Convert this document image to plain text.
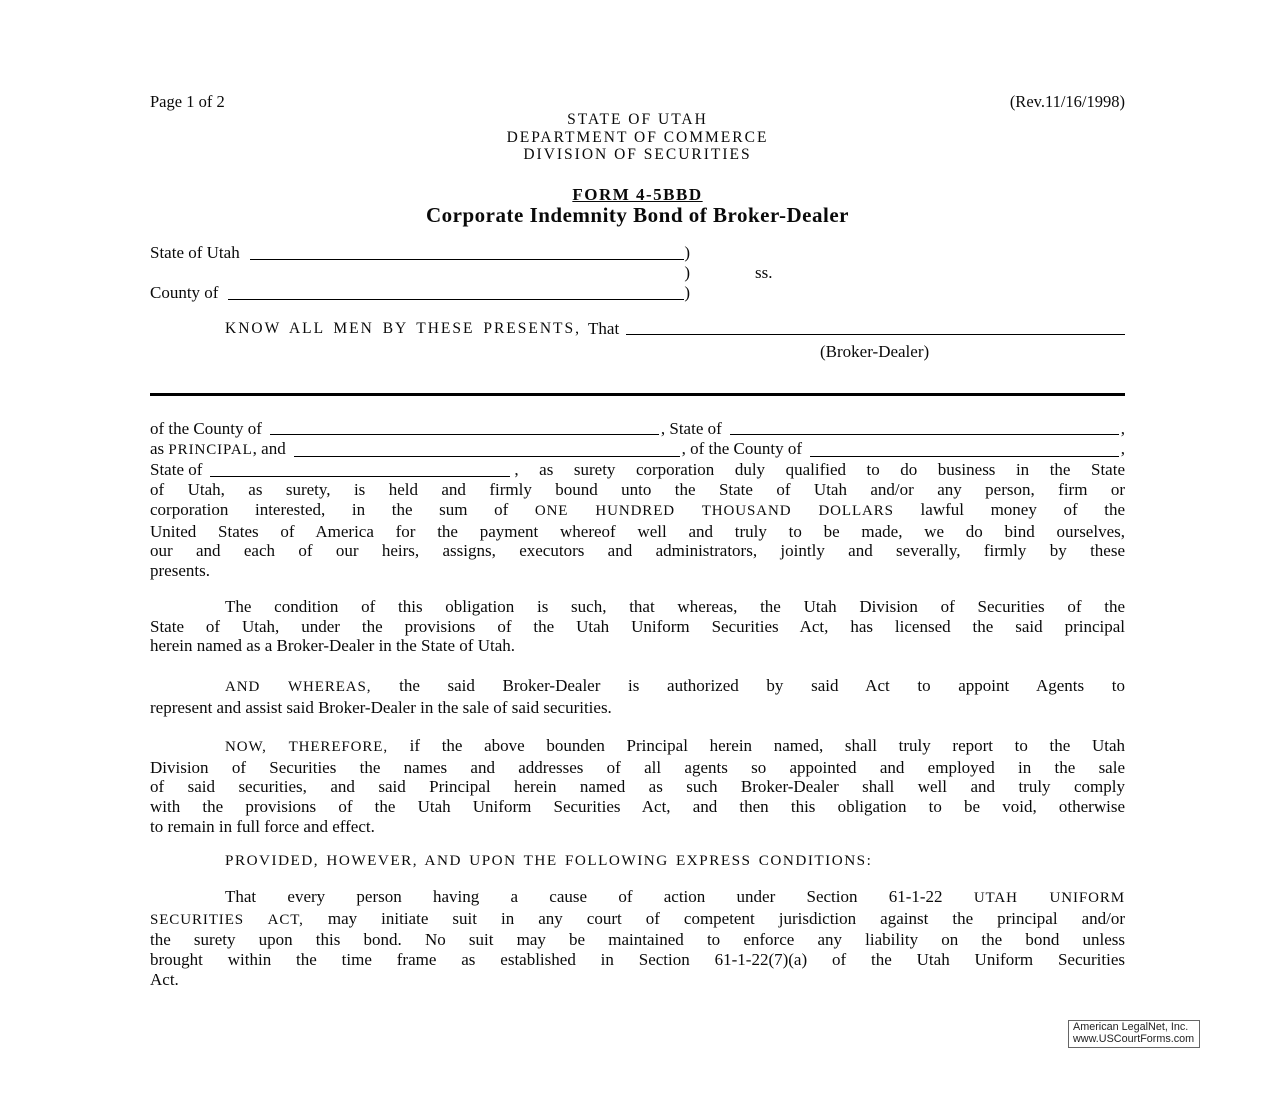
Page 1 of 2	(Rev.11/16/1998)
STATE OF UTAH
DEPARTMENT OF COMMERCE
DIVISION OF SECURITIES
FORM 4-5BBD
Corporate Indemnity Bond of Broker-Dealer
State of Utah	)
)
County of	)
ss.
KNOW ALL MEN BY THESE PRESENTS, That
(Broker-Dealer)
of the County of	, State of	,
as PRINCIPAL, and	, of the County of	,
State of	, as surety corporation duly qualified to do business in the State
of Utah, as surety, is held and firmly bound unto the State of Utah and/or any person, firm or
corporation interested, in the sum of ONE HUNDRED THOUSAND DOLLARS lawful money of the
United States of America for the payment whereof well and truly to be made, we do bind ourselves,
our and each of our heirs, assigns, executors and administrators, jointly and severally, firmly by these
presents.
The condition of this obligation is such, that whereas, the Utah Division of Securities of the
State of Utah, under the provisions of the Utah Uniform Securities Act, has licensed the said principal
herein named as a Broker-Dealer in the State of Utah.
AND WHEREAS, the said Broker-Dealer is authorized by said Act to appoint Agents to
represent and assist said Broker-Dealer in the sale of said securities.
NOW, THEREFORE, if the above bounden Principal herein named, shall truly report to the Utah
Division of Securities the names and addresses of all agents so appointed and employed in the sale
of said securities, and said Principal herein named as such Broker-Dealer shall well and truly comply
with the provisions of the Utah Uniform Securities Act, and then this obligation to be void, otherwise
to remain in full force and effect.
PROVIDED, HOWEVER, AND UPON THE FOLLOWING EXPRESS CONDITIONS:
That every person having a cause of action under Section 61-1-22 UTAH UNIFORM
SECURITIES ACT, may initiate suit in any court of competent jurisdiction against the principal and/or
the surety upon this bond. No suit may be maintained to enforce any liability on the bond unless
brought within the time frame as established in Section 61-1-22(7)(a) of the Utah Uniform Securities
Act.
American LegalNet, Inc.
www.USCourtForms.com
